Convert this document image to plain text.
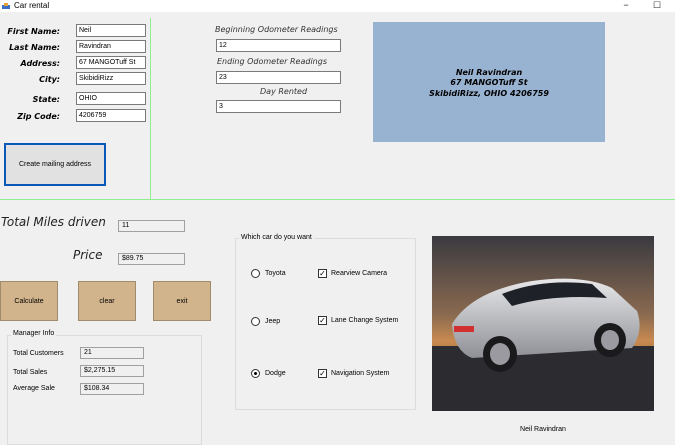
Car rental	−	☐
First Name:	Neil
Last Name:	Ravindran
Address:	67 MANGOTuff St
City:	SkibidiRizz
State:	OHIO
Zip Code:	4206759
Create mailing address
Beginning Odometer Readings
12
Ending Odometer Readings
23
Day Rented
3
Neil Ravindran
67 MANGOTuff St
SkibidiRizz, OHIO 4206759
Total Miles driven	11
Price	$89.75
Calculate	clear	exit
Manager Info
Total Customers	21
Total Sales	$2,275.15
Average Sale	$108.34
Which car do you want
Toyota
Jeep
Dodge
✓ Rearview Camera
✓ Lane Change System
✓ Navigation System
Neil Ravindran
